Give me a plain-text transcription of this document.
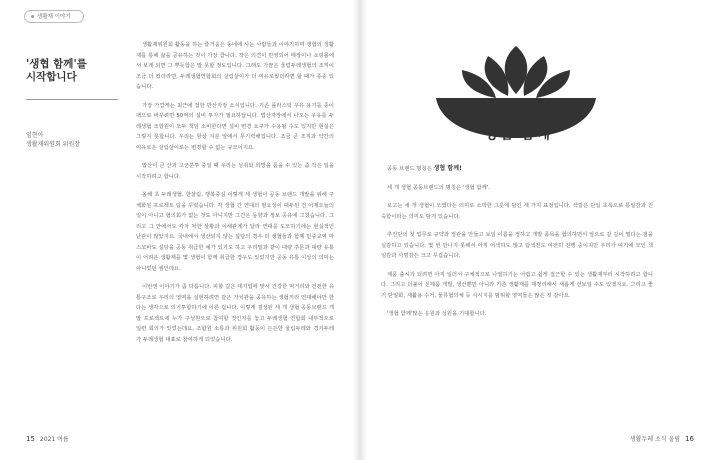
생활재 이야기
'생협 함께'를
시작합니다
임현아
생활재위원회 위원장

생활재위원회 활동을 하는 즐거움은 동네에 사는 사람들과 이야기하며 생협의 생활재를 통해 삶을 공유하는 것이 가장 큽니다. 작은 의견이 반영되어 매장이나 쇼핑몰에서 보게 되면 그 뿌듯함은 말 못할 정도입니다. 그래도 가끔은 울림두레생협의 조직이 조금 더 컸더라면, 두레생협연합회의 살림살이가 더 여유로웠더라면 할 때가 종종 있습니다.

가장 가깝게는 최근에 접한 반산자장 소식입니다. 기존 플라스틱 우유 용기를 종이팩으로 바꾸려면 50억의 설비 투자가 필요하답니다. 법산자장에서 나오는 우유를 두레생협 조합원이 모두 책임 소비한다면 설비 변경 요구가 수용될 수도 있지만 현실은 그렇지 못합니다. 우리는 항상 지분 앞에서 무기력해집니다. 조금 큰 조직과 약간의 여유로운 살림살이로는 변경할 수 없는 규모이지요.

밥산이 큰 산과 고군분투 중일 때 우리는 성취와 희망을 품을 수 있는 좀 작은 일을 시작하려고 합니다.

올해 초 두레생협, 한살림, 행복중심 이렇게 세 생협이 공동 브랜드 개발을 위해 구체화된 프로젝트 팀을 꾸렸습니다. 각 생협 간 연대의 필요성이 대두된 건 어제오늘의 일이 아니고 협의회가 없는 것도 아니지만 그간은 동향과 정보 공유에 그쳤습니다. 그리고 그 안에서도 각자 처한 상황과 이해관계가 달라 연대를 도모하기에는 현실적인 난관이 많았지요. 국내에서 생산되지 않는 설탕의 경우 타 생협들과 함께 민중교역 마스코바도 설탕을 공동 취급한 예가 있기도 하고 우리밀과 같이 대량 주문과 대량 유통이 어려운 생활재를 몇 생협이 함께 취급한 경우도 있었지만 공동 유통 이상의 의미는 아니었던 셈인데요.

이번엔 이야기가 좀 다릅니다. 피할 길은 대기업에 맞서 건강한 먹거리와 건전한 유통구조로 우리의 영역을 실현하려면 같은 가치관을 공유하는 생협끼리 연대해야만 한다는 생각으로 의기투합하기에 이른 겁니다. 이렇게 결성된 세 개 생협 공동브랜드 개발 프로젝트에 누가 구성원으로 참여할 것인지를 놓고 두레생협 연합회 내부적으로 일련 회의가 있었는데요, 조합원 소통과 위원회 활동이 든든한 울림두레와 경기두레가 두레생협 대표로 참여하게 되었습니다.

생협 함께

공동 브랜드 명칭은 생협 함께!

세 개 생협 공동브랜드의 명칭은 '생협 함께'.

로고는 세 개 생협이 모였다는 의미로 소박한 그릇에 담긴 세 가지 표정입니다. 색깔은 단일 초록으로 통일감과 친숙함이라는 의미도 담겨 있습니다.

추진단의 첫 업무로 규약과 정관을 만들고 보임 이름을 정하고 개발 품목을 협의하면서 앞으로 갈 길이 멀다는 점을 실감하고 있습니다. 몇 번 만나지 못해서 아직 어색하도 많고 탐색전도 여전히 진행 중이지만 우리가 여기에 모인 책임감과 사명감은 크고 무겁습니다.

제품 출시가 되려면 아직 일러서 구체적으로 나열하기는 어렵고 쉽게 접근할 수 있는 생활재부터 시작하려고 합니다. 그리고 더불어 신제품 개발, 생산뿐만 아니라 기존 생활재를 재정리해서 새롭게 선보일 수도 있겠지요. 그리고 좋기 단일화, 재활용 수거, 물류협의체 등 사시지를 범위할 영역들은 많은 것 같아요.

'생협 함께'많은 응원과 성원을 기대합니다.

15 2021 여름	생활두레 소식 울림 16
